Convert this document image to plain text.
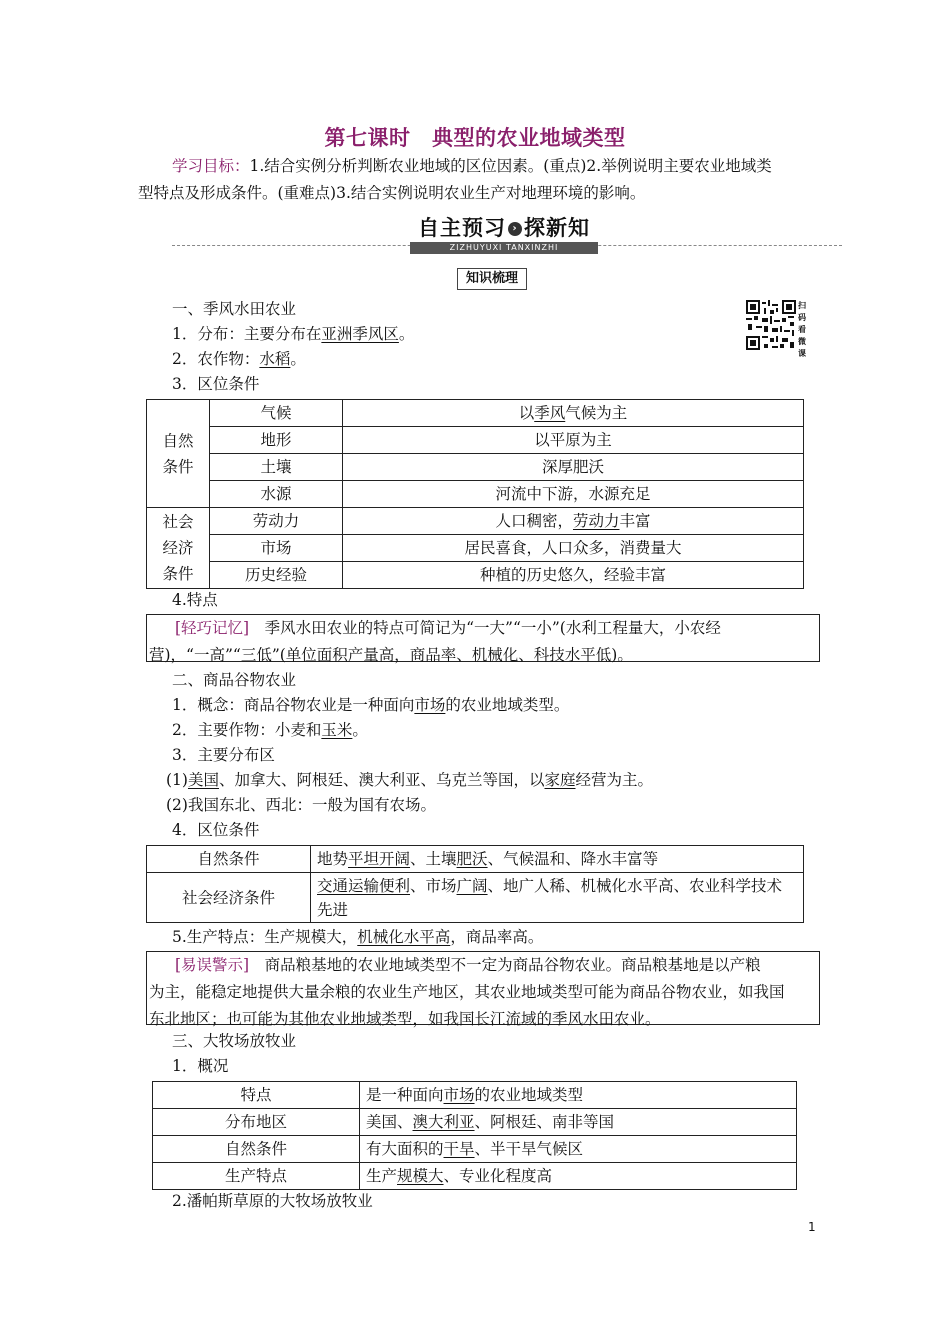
第七课时　典型的农业地域类型
学习目标：1.结合实例分析判断农业地域的区位因素。(重点)2.举例说明主要农业地域类
型特点及形成条件。(重难点)3.结合实例说明农业生产对地理环境的影响。
自主预习 › 探新知
ZIZHUYUXI TANXINZHI
知识梳理
扫
码
看
微
课
一、季风水田农业
1．分布：主要分布在亚洲季风区。
2．农作物：水稻。
3．区位条件
自然
条件	气候	以季风气候为主
	地形	以平原为主
	土壤	深厚肥沃
	水源	河流中下游，水源充足

社会
经济
条件	劳动力	人口稠密，劳动力丰富
	市场	居民喜食，人口众多，消费量大
	历史经验	种植的历史悠久，经验丰富
4.特点
[轻巧记忆]　季风水田农业的特点可简记为“一大”“一小”(水利工程量大，小农经
营)，“一高”“三低”(单位面积产量高，商品率、机械化、科技水平低)。
二、商品谷物农业
1．概念：商品谷物农业是一种面向市场的农业地域类型。
2．主要作物：小麦和玉米。
3．主要分布区
(1)美国、加拿大、阿根廷、澳大利亚、乌克兰等国，以家庭经营为主。
(2)我国东北、西北：一般为国有农场。
4．区位条件
自然条件	地势平坦开阔、土壤肥沃、气候温和、降水丰富等
社会经济条件	交通运输便利、市场广阔、地广人稀、机械化水平高、农业科学技术
先进
5.生产特点：生产规模大，机械化水平高，商品率高。
[易误警示]　商品粮基地的农业地域类型不一定为商品谷物农业。商品粮基地是以产粮
为主，能稳定地提供大量余粮的农业生产地区，其农业地域类型可能为商品谷物农业，如我国
东北地区；也可能为其他农业地域类型，如我国长江流域的季风水田农业。
三、大牧场放牧业
1．概况
特点	是一种面向市场的农业地域类型
分布地区	美国、澳大利亚、阿根廷、南非等国
自然条件	有大面积的干旱、半干旱气候区
生产特点	生产规模大、专业化程度高
2.潘帕斯草原的大牧场放牧业
1
